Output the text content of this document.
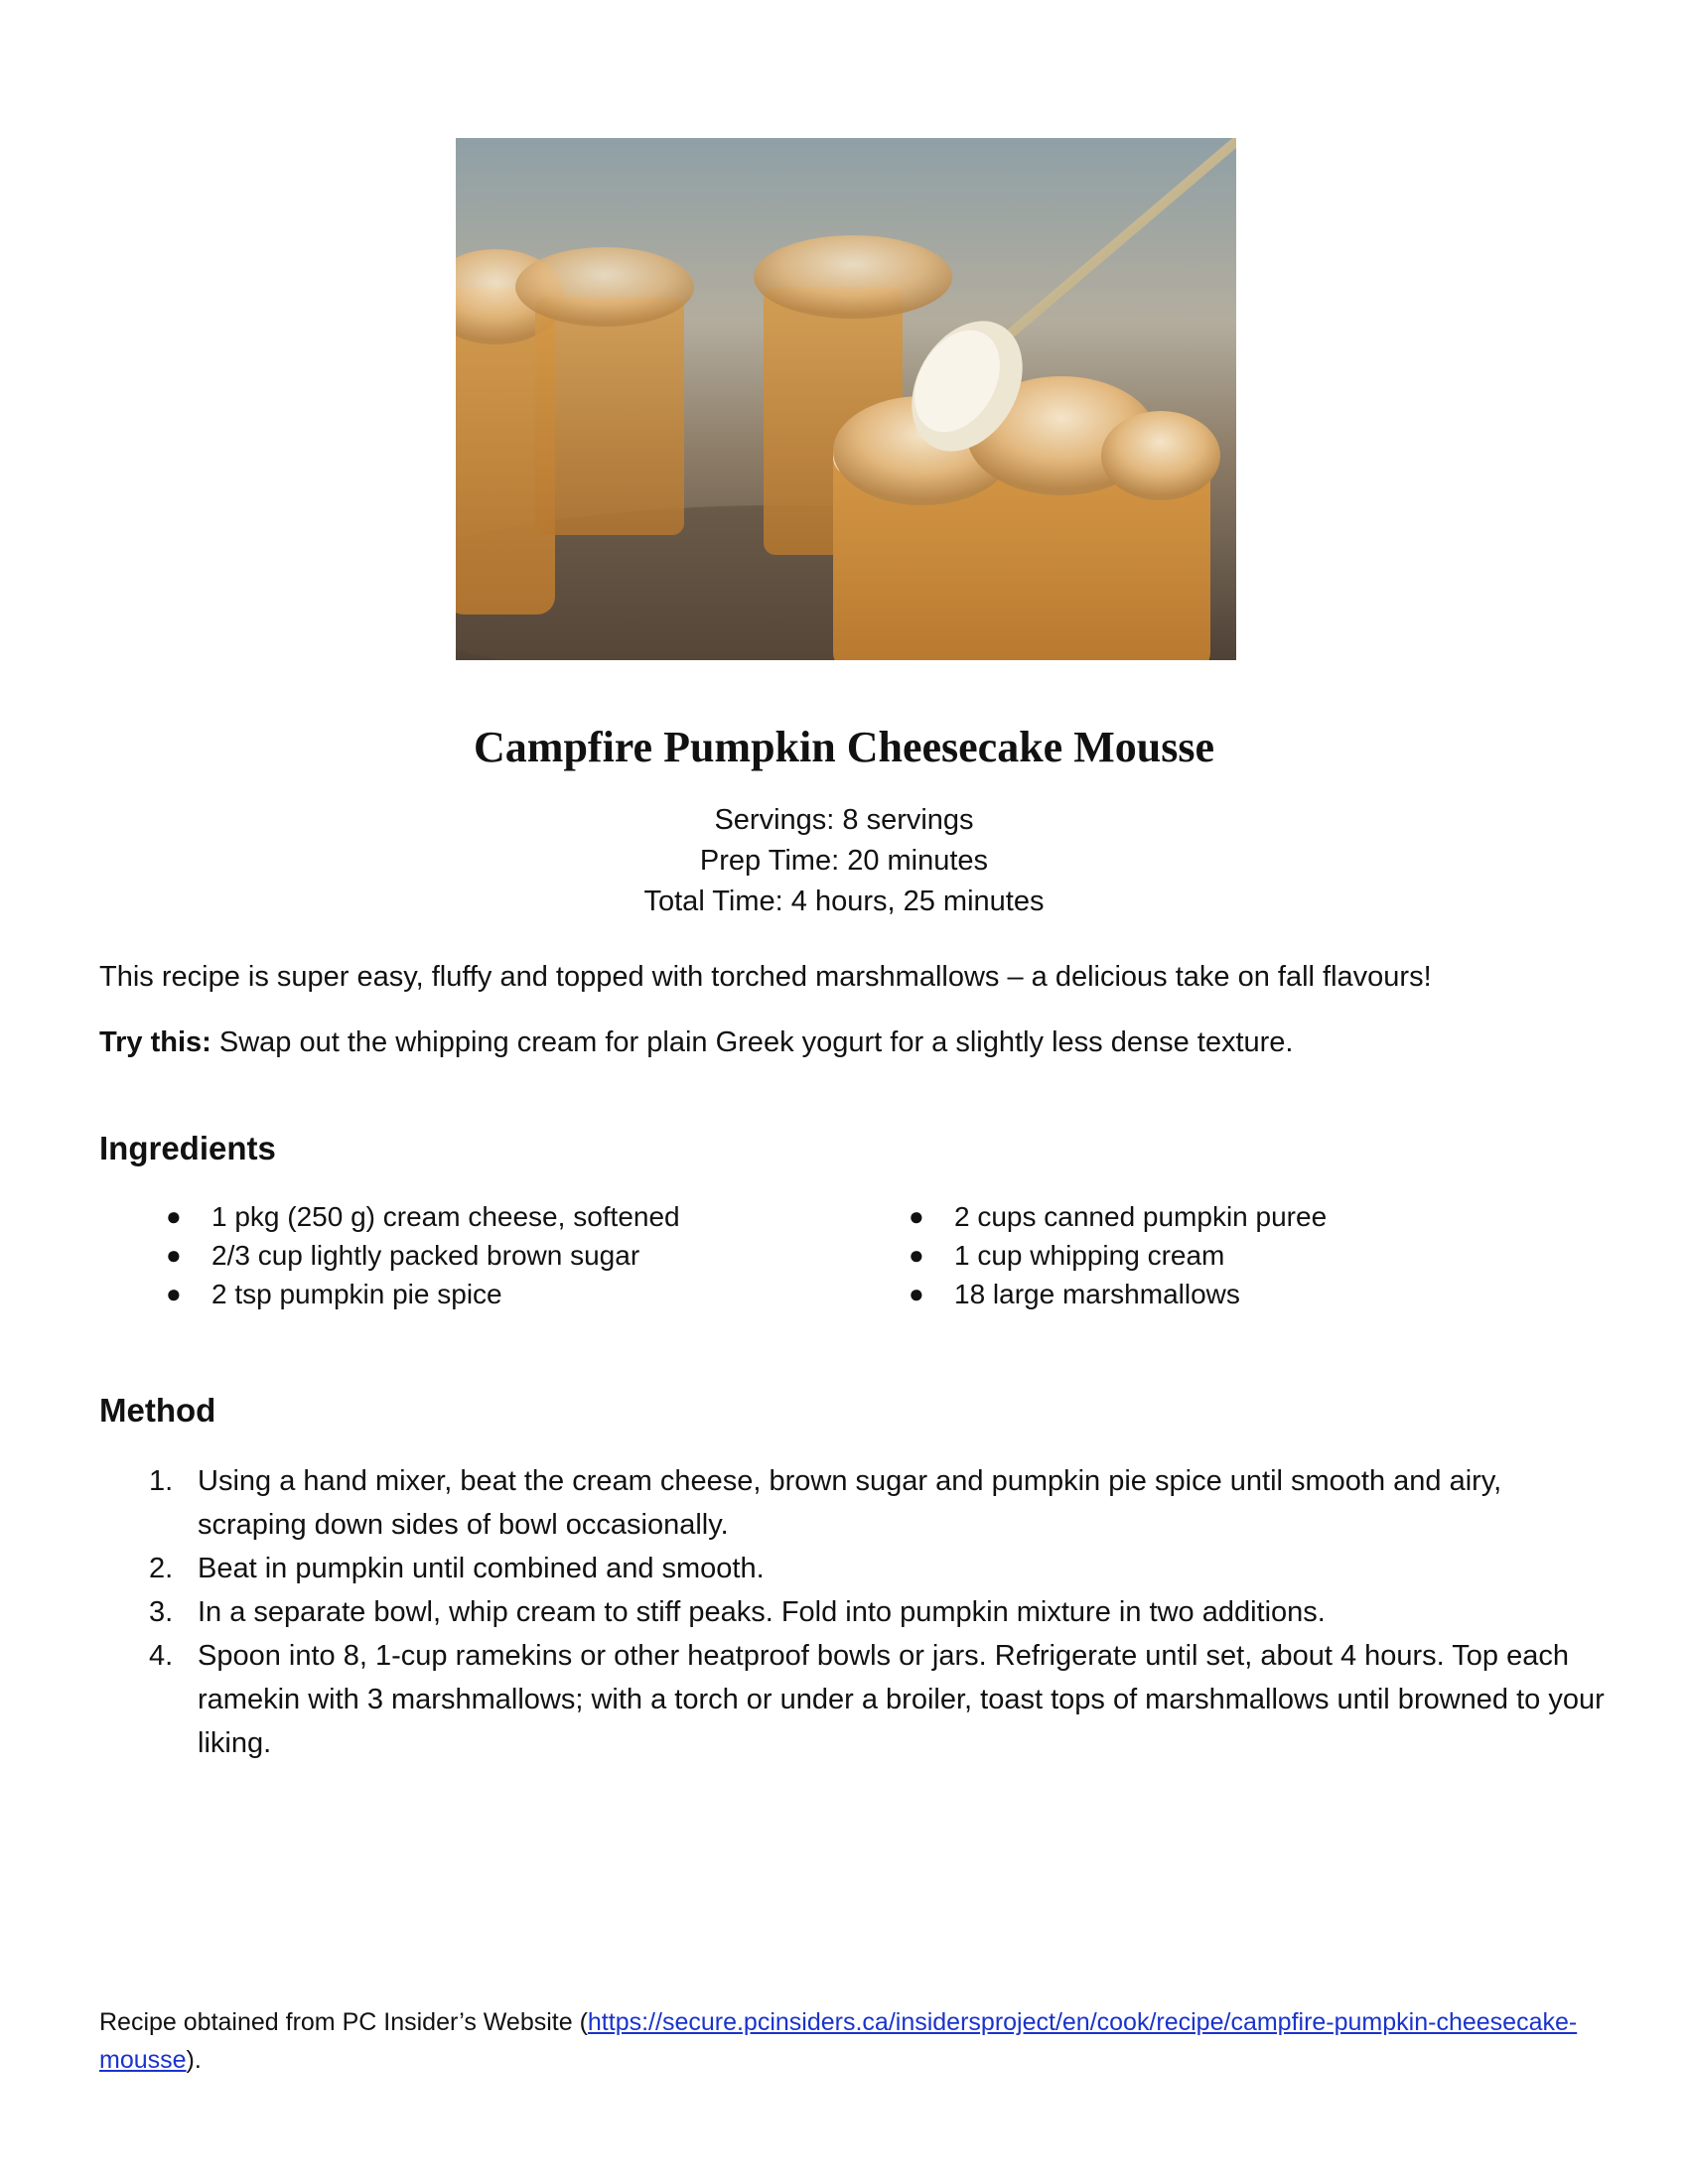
Campfire Pumpkin Cheesecake Mousse
Servings: 8 servings
Prep Time: 20 minutes
Total Time: 4 hours, 25 minutes
This recipe is super easy, fluffy and topped with torched marshmallows – a delicious take on fall flavours!
Try this: Swap out the whipping cream for plain Greek yogurt for a slightly less dense texture.
Ingredients
● 1 pkg (250 g) cream cheese, softened
● 2/3 cup lightly packed brown sugar
● 2 tsp pumpkin pie spice
● 2 cups canned pumpkin puree
● 1 cup whipping cream
● 18 large marshmallows
Method
1. Using a hand mixer, beat the cream cheese, brown sugar and pumpkin pie spice until smooth and airy, scraping down sides of bowl occasionally.
2. Beat in pumpkin until combined and smooth.
3. In a separate bowl, whip cream to stiff peaks. Fold into pumpkin mixture in two additions.
4. Spoon into 8, 1-cup ramekins or other heatproof bowls or jars. Refrigerate until set, about 4 hours. Top each ramekin with 3 marshmallows; with a torch or under a broiler, toast tops of marshmallows until browned to your liking.
Recipe obtained from PC Insider’s Website (https://secure.pcinsiders.ca/insidersproject/en/cook/recipe/campfire-pumpkin-cheesecake-mousse).
